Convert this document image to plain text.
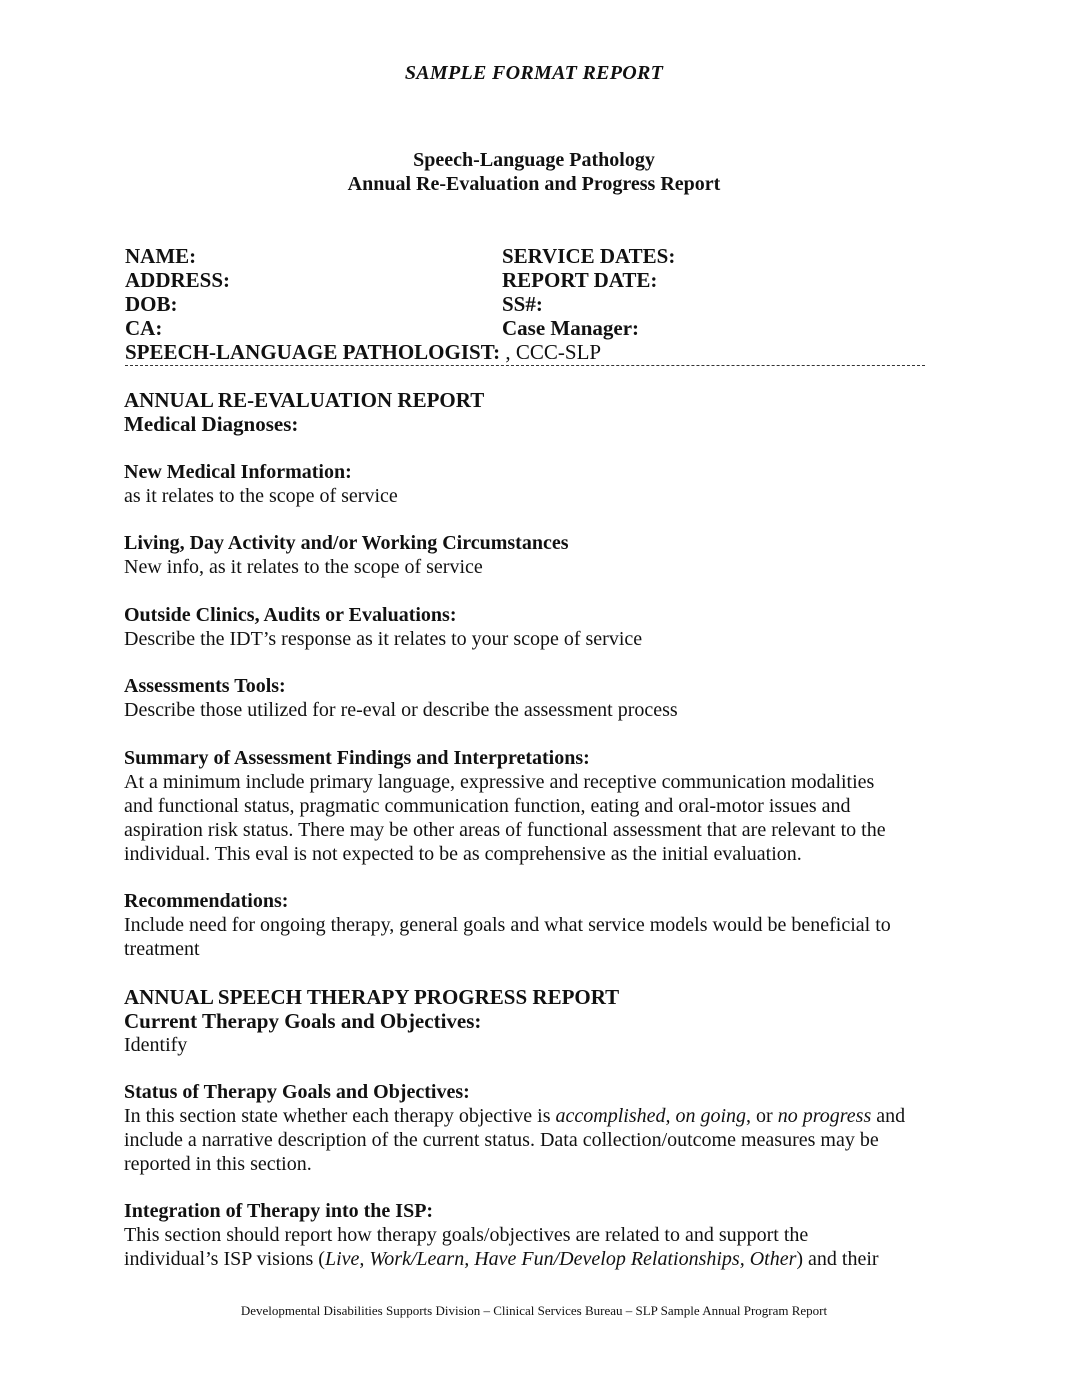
SAMPLE FORMAT REPORT
Speech-Language Pathology
Annual Re-Evaluation and Progress Report
NAME:
ADDRESS:
DOB:
CA:
SERVICE DATES:
REPORT DATE:
SS#:
Case Manager:
SPEECH-LANGUAGE PATHOLOGIST: , CCC-SLP
ANNUAL RE-EVALUATION REPORT
Medical Diagnoses:
New Medical Information:
as it relates to the scope of service
Living, Day Activity and/or Working Circumstances
New info, as it relates to the scope of service
Outside Clinics, Audits or Evaluations:
Describe the IDT’s response as it relates to your scope of service
Assessments Tools:
Describe those utilized for re-eval or describe the assessment process
Summary of Assessment Findings and Interpretations:
At a minimum include primary language, expressive and receptive communication modalities
and functional status, pragmatic communication function, eating and oral-motor issues and
aspiration risk status. There may be other areas of functional assessment that are relevant to the
individual. This eval is not expected to be as comprehensive as the initial evaluation.
Recommendations:
Include need for ongoing therapy, general goals and what service models would be beneficial to
treatment
ANNUAL SPEECH THERAPY PROGRESS REPORT
Current Therapy Goals and Objectives:
Identify
Status of Therapy Goals and Objectives:
In this section state whether each therapy objective is accomplished, on going, or no progress and
include a narrative description of the current status. Data collection/outcome measures may be
reported in this section.
Integration of Therapy into the ISP:
This section should report how therapy goals/objectives are related to and support the
individual’s ISP visions (Live, Work/Learn, Have Fun/Develop Relationships, Other) and their
Developmental Disabilities Supports Division – Clinical Services Bureau – SLP Sample Annual Program Report
